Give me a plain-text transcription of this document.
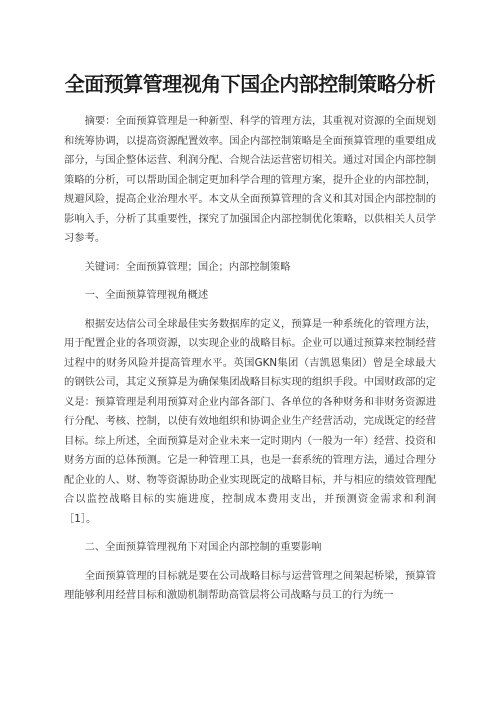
全面预算管理视角下国企内部控制策略分析

摘要：全面预算管理是一种新型、科学的管理方法，其重视对资源的全面规划和统筹协调，以提高资源配置效率。国企内部控制策略是全面预算管理的重要组成部分，与国企整体运营、利润分配、合规合法运营密切相关。通过对国企内部控制策略的分析，可以帮助国企制定更加科学合理的管理方案，提升企业的内部控制，规避风险，提高企业治理水平。本文从全面预算管理的含义和其对国企内部控制的影响入手，分析了其重要性，探究了加强国企内部控制优化策略，以供相关人员学习参考。

关键词：全面预算管理；国企；内部控制策略

一、全面预算管理视角概述

根据安达信公司全球最佳实务数据库的定义，预算是一种系统化的管理方法，用于配置企业的各项资源，以实现企业的战略目标。企业可以通过预算来控制经营过程中的财务风险并提高管理水平。英国GKN集团（吉凯恩集团）曾是全球最大的钢铁公司，其定义预算是为确保集团战略目标实现的组织手段。中国财政部的定义是：预算管理是利用预算对企业内部各部门、各单位的各种财务和非财务资源进行分配、考核、控制，以使有效地组织和协调企业生产经营活动，完成既定的经营目标。综上所述，全面预算是对企业未来一定时期内（一般为一年）经营、投资和财务方面的总体预测。它是一种管理工具，也是一套系统的管理方法，通过合理分配企业的人、财、物等资源协助企业实现既定的战略目标，并与相应的绩效管理配合以监控战略目标的实施进度，控制成本费用支出，并预测资金需求和利润［1］。

二、全面预算管理视角下对国企内部控制的重要影响

全面预算管理的目标就是要在公司战略目标与运营管理之间架起桥梁，预算管理能够利用经营目标和激励机制帮助高管层将公司战略与员工的行为统一
